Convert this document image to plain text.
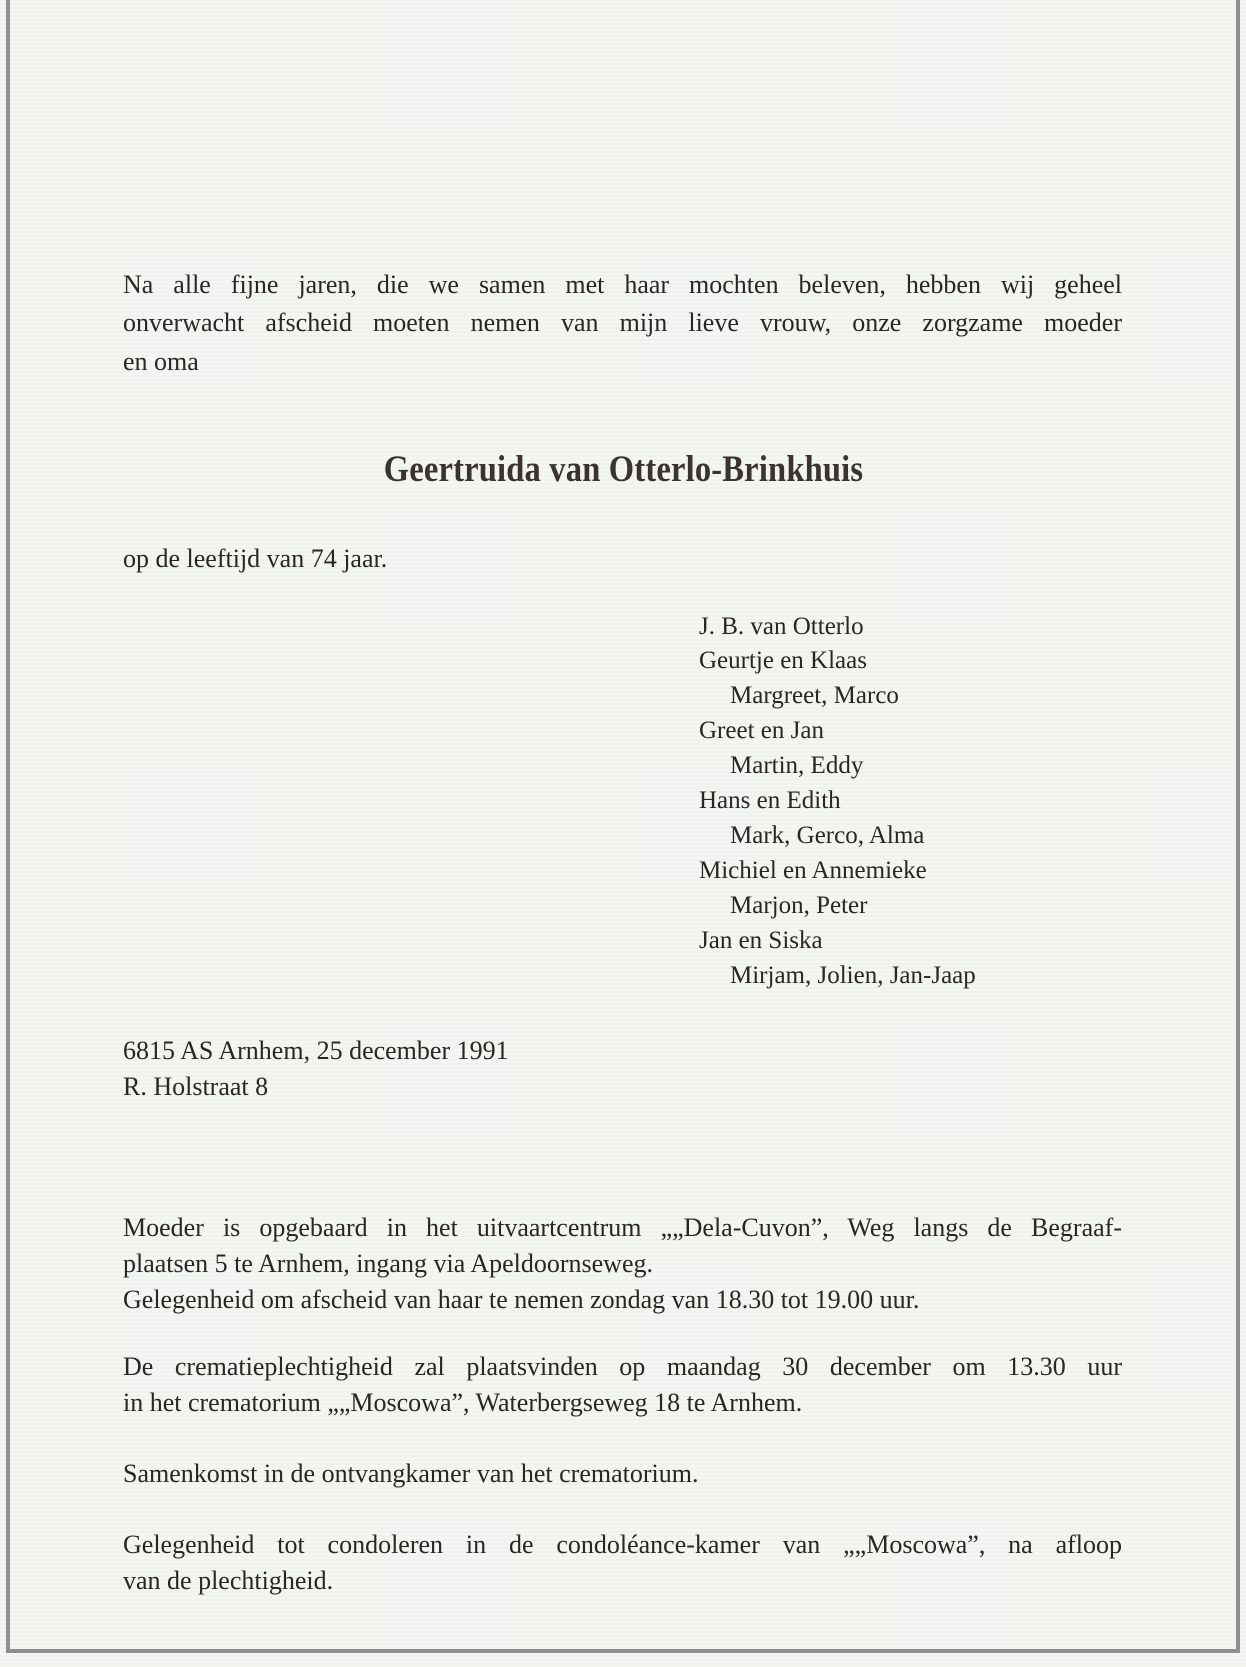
Na alle fijne jaren, die we samen met haar mochten beleven, hebben wij geheel
onverwacht afscheid moeten nemen van mijn lieve vrouw, onze zorgzame moeder
en oma
Geertruida van Otterlo-Brinkhuis
op de leeftijd van 74 jaar.
J. B. van Otterlo
Geurtje en Klaas
Margreet, Marco
Greet en Jan
Martin, Eddy
Hans en Edith
Mark, Gerco, Alma
Michiel en Annemieke
Marjon, Peter
Jan en Siska
Mirjam, Jolien, Jan-Jaap
6815 AS Arnhem, 25 december 1991
R. Holstraat 8
Moeder is opgebaard in het uitvaartcentrum „„Dela-Cuvon”, Weg langs de Begraaf-
plaatsen 5 te Arnhem, ingang via Apeldoornseweg.
Gelegenheid om afscheid van haar te nemen zondag van 18.30 tot 19.00 uur.
De crematieplechtigheid zal plaatsvinden op maandag 30 december om 13.30 uur
in het crematorium „„Moscowa”, Waterbergseweg 18 te Arnhem.
Samenkomst in de ontvangkamer van het crematorium.
Gelegenheid tot condoleren in de condoléance-kamer van „„Moscowa”, na afloop
van de plechtigheid.
